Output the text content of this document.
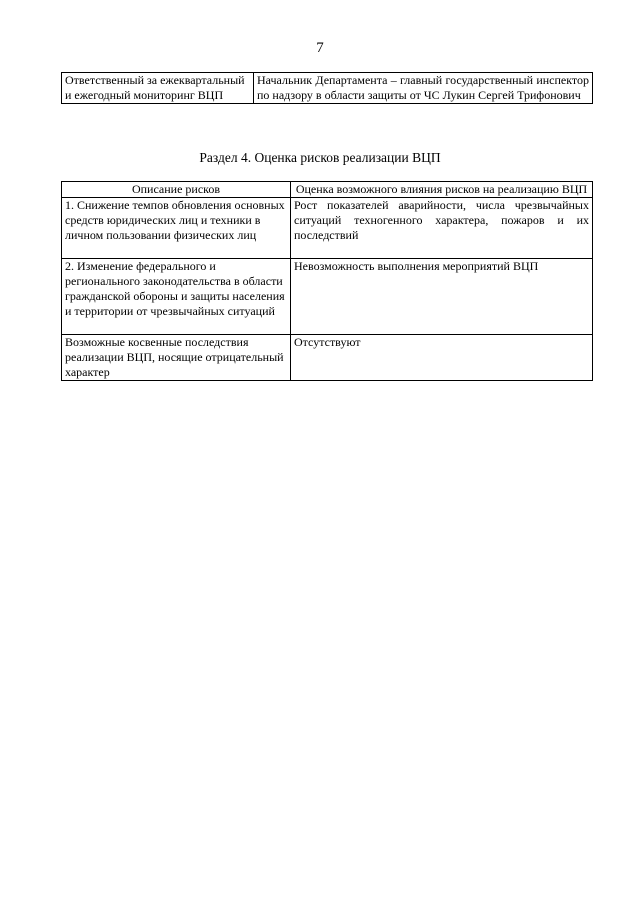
7
Ответственный за ежеквартальный и ежегодный мониторинг ВЦП	Начальник Департамента – главный государственный инспектор по надзору в области защиты от ЧС Лукин Сергей Трифонович
Раздел 4. Оценка рисков реализации ВЦП
Описание рисков	Оценка возможного влияния рисков на реализацию ВЦП
1. Снижение темпов обновления основных средств юридических лиц и техники в личном пользовании физических лиц	Рост показателей аварийности, числа чрезвычайных ситуаций техногенного характера, пожаров и их последствий
2. Изменение федерального и регионального законодательства в области гражданской обороны и защиты населения и территории от чрезвычайных ситуаций	Невозможность выполнения мероприятий ВЦП
Возможные косвенные последствия реализации ВЦП, носящие отрицательный характер	Отсутствуют
